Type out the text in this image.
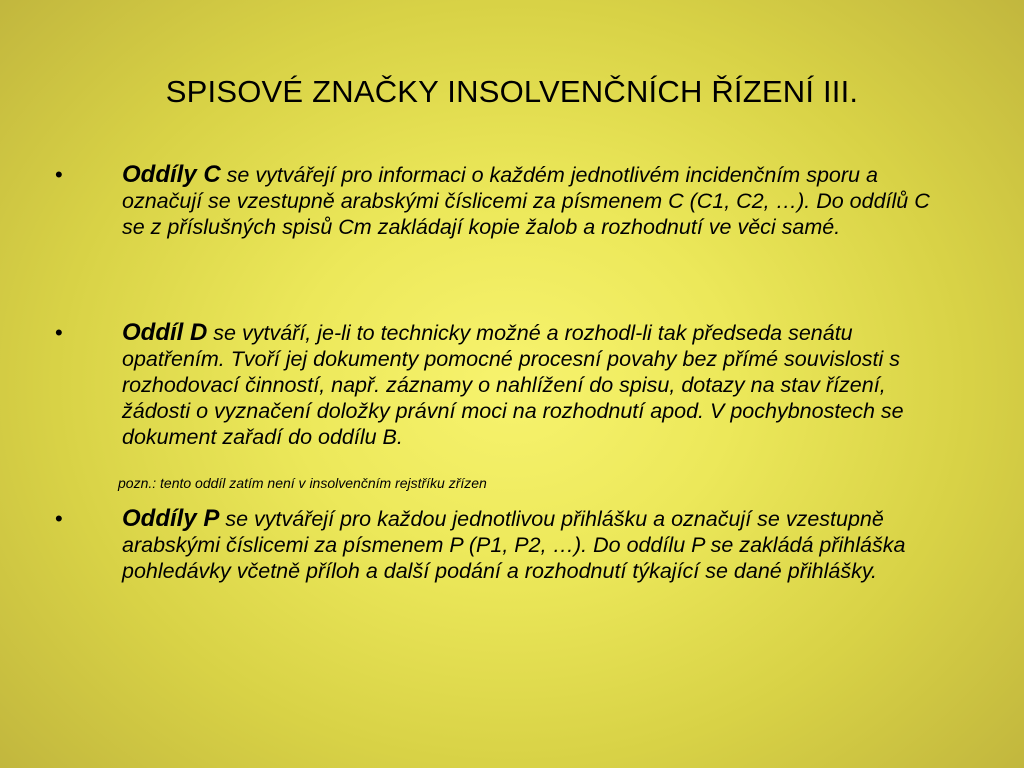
SPISOVÉ ZNAČKY INSOLVENČNÍCH ŘÍZENÍ III.
• Oddíly C se vytvářejí pro informaci o každém jednotlivém incidenčním sporu a označují se vzestupně arabskými číslicemi za písmenem C (C1, C2, …). Do oddílů C se z příslušných spisů Cm zakládají kopie žalob a rozhodnutí ve věci samé.
• Oddíl D se vytváří, je-li to technicky možné a rozhodl-li tak předseda senátu opatřením. Tvoří jej dokumenty pomocné procesní povahy bez přímé souvislosti s rozhodovací činností, např. záznamy o nahlížení do spisu, dotazy na stav řízení, žádosti o vyznačení doložky právní moci na rozhodnutí apod. V pochybnostech se dokument zařadí do oddílu B.
pozn.: tento oddíl zatím není v insolvenčním rejstříku zřízen
• Oddíly P se vytvářejí pro každou jednotlivou přihlášku a označují se vzestupně arabskými číslicemi za písmenem P (P1, P2, …). Do oddílu P se zakládá přihláška pohledávky včetně příloh a další podání a rozhodnutí týkající se dané přihlášky.
